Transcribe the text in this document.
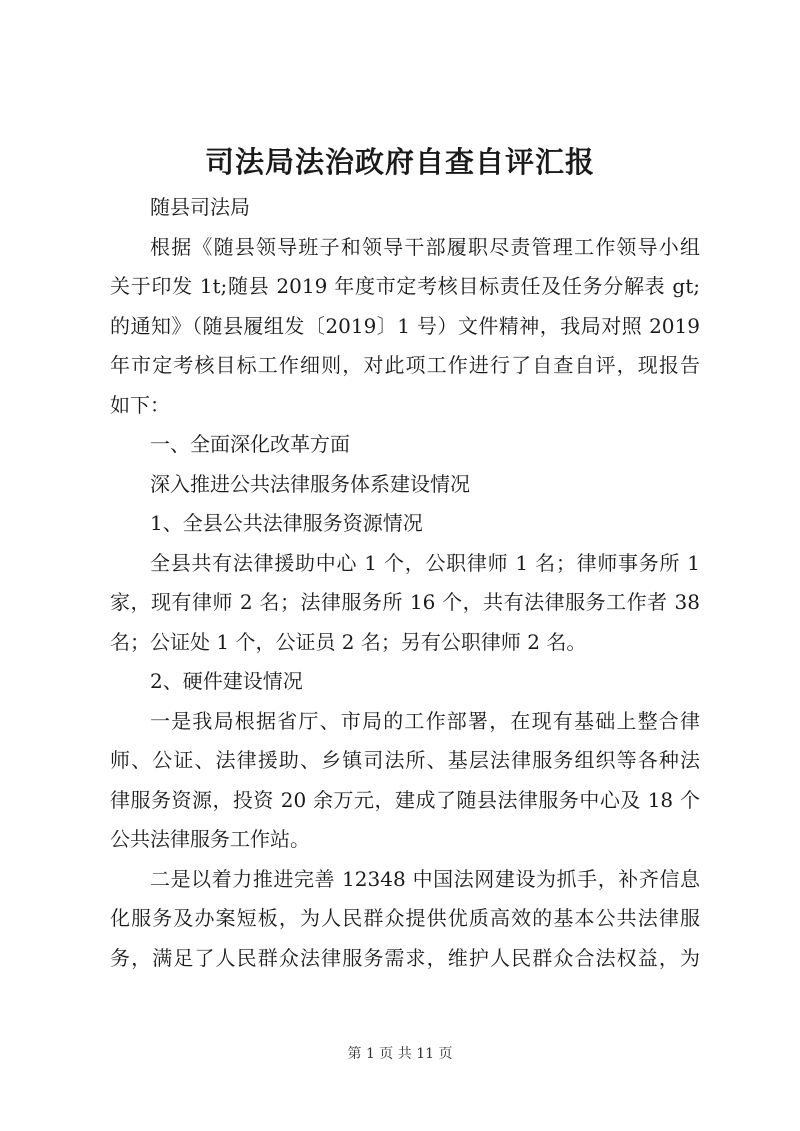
司法局法治政府自查自评汇报
随县司法局
根据《随县领导班子和领导干部履职尽责管理工作领导小组
关于印发 1t;随县 2019 年度市定考核目标责任及任务分解表 gt;
的通知》（随县履组发〔2019〕1 号）文件精神，我局对照 2019
年市定考核目标工作细则，对此项工作进行了自查自评，现报告
如下：
一、全面深化改革方面
深入推进公共法律服务体系建设情况
1、全县公共法律服务资源情况
全县共有法律援助中心 1 个，公职律师 1 名；律师事务所 1
家，现有律师 2 名；法律服务所 16 个，共有法律服务工作者 38
名；公证处 1 个，公证员 2 名；另有公职律师 2 名。
2、硬件建设情况
一是我局根据省厅、市局的工作部署，在现有基础上整合律
师、公证、法律援助、乡镇司法所、基层法律服务组织等各种法
律服务资源，投资 20 余万元，建成了随县法律服务中心及 18 个
公共法律服务工作站。
二是以着力推进完善 12348 中国法网建设为抓手，补齐信息
化服务及办案短板，为人民群众提供优质高效的基本公共法律服
务，满足了人民群众法律服务需求，维护人民群众合法权益，为
第 1 页 共 11 页
